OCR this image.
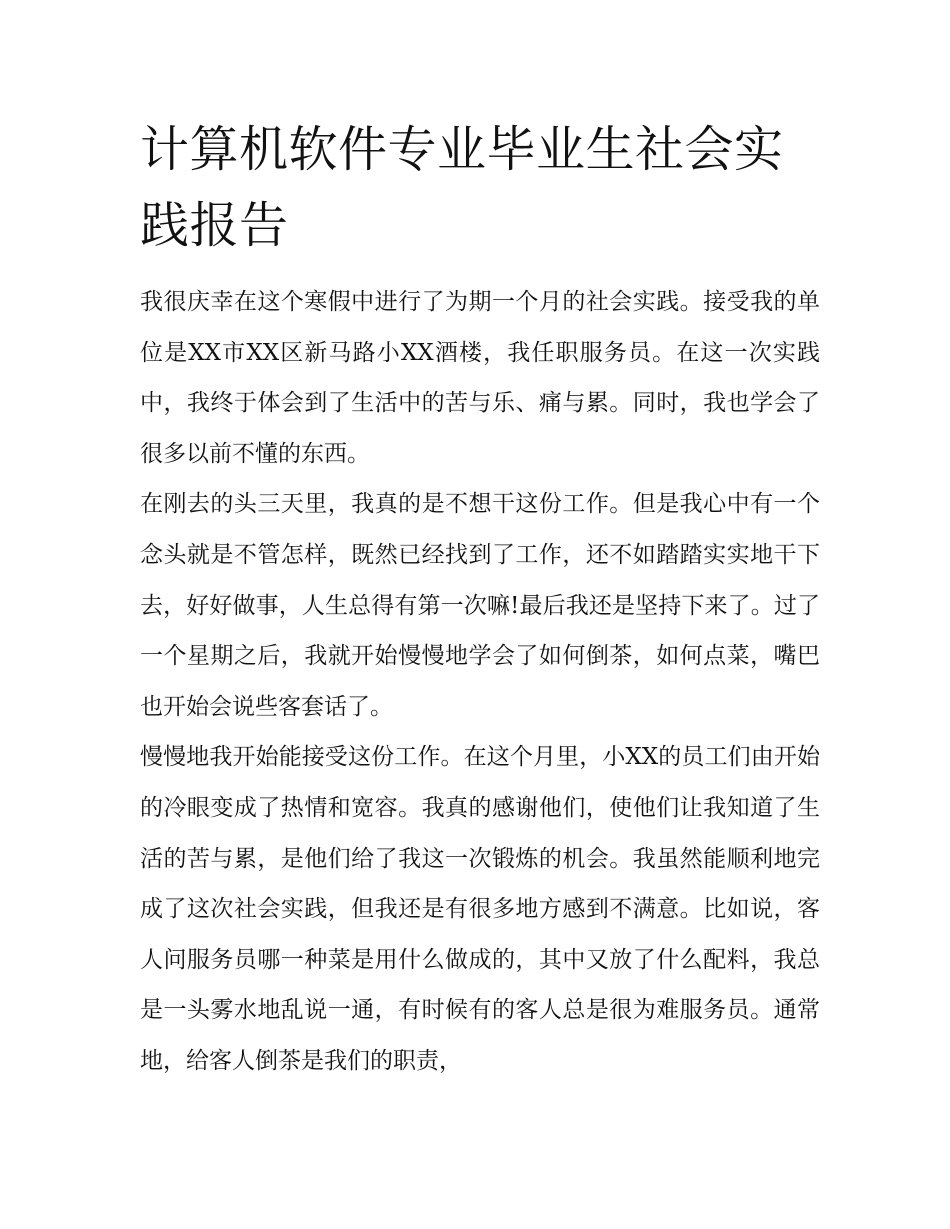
计算机软件专业毕业生社会实践报告

我很庆幸在这个寒假中进行了为期一个月的社会实践。接受我的单位是XX市XX区新马路小XX酒楼，我任职服务员。在这一次实践中，我终于体会到了生活中的苦与乐、痛与累。同时，我也学会了很多以前不懂的东西。

在刚去的头三天里，我真的是不想干这份工作。但是我心中有一个念头就是不管怎样，既然已经找到了工作，还不如踏踏实实地干下去，好好做事，人生总得有第一次嘛!最后我还是坚持下来了。过了一个星期之后，我就开始慢慢地学会了如何倒茶，如何点菜，嘴巴也开始会说些客套话了。

慢慢地我开始能接受这份工作。在这个月里，小XX的员工们由开始的冷眼变成了热情和宽容。我真的感谢他们，使他们让我知道了生活的苦与累，是他们给了我这一次锻炼的机会。我虽然能顺利地完成了这次社会实践，但我还是有很多地方感到不满意。比如说，客人问服务员哪一种菜是用什么做成的，其中又放了什么配料，我总是一头雾水地乱说一通，有时候有的客人总是很为难服务员。通常地，给客人倒茶是我们的职责，
